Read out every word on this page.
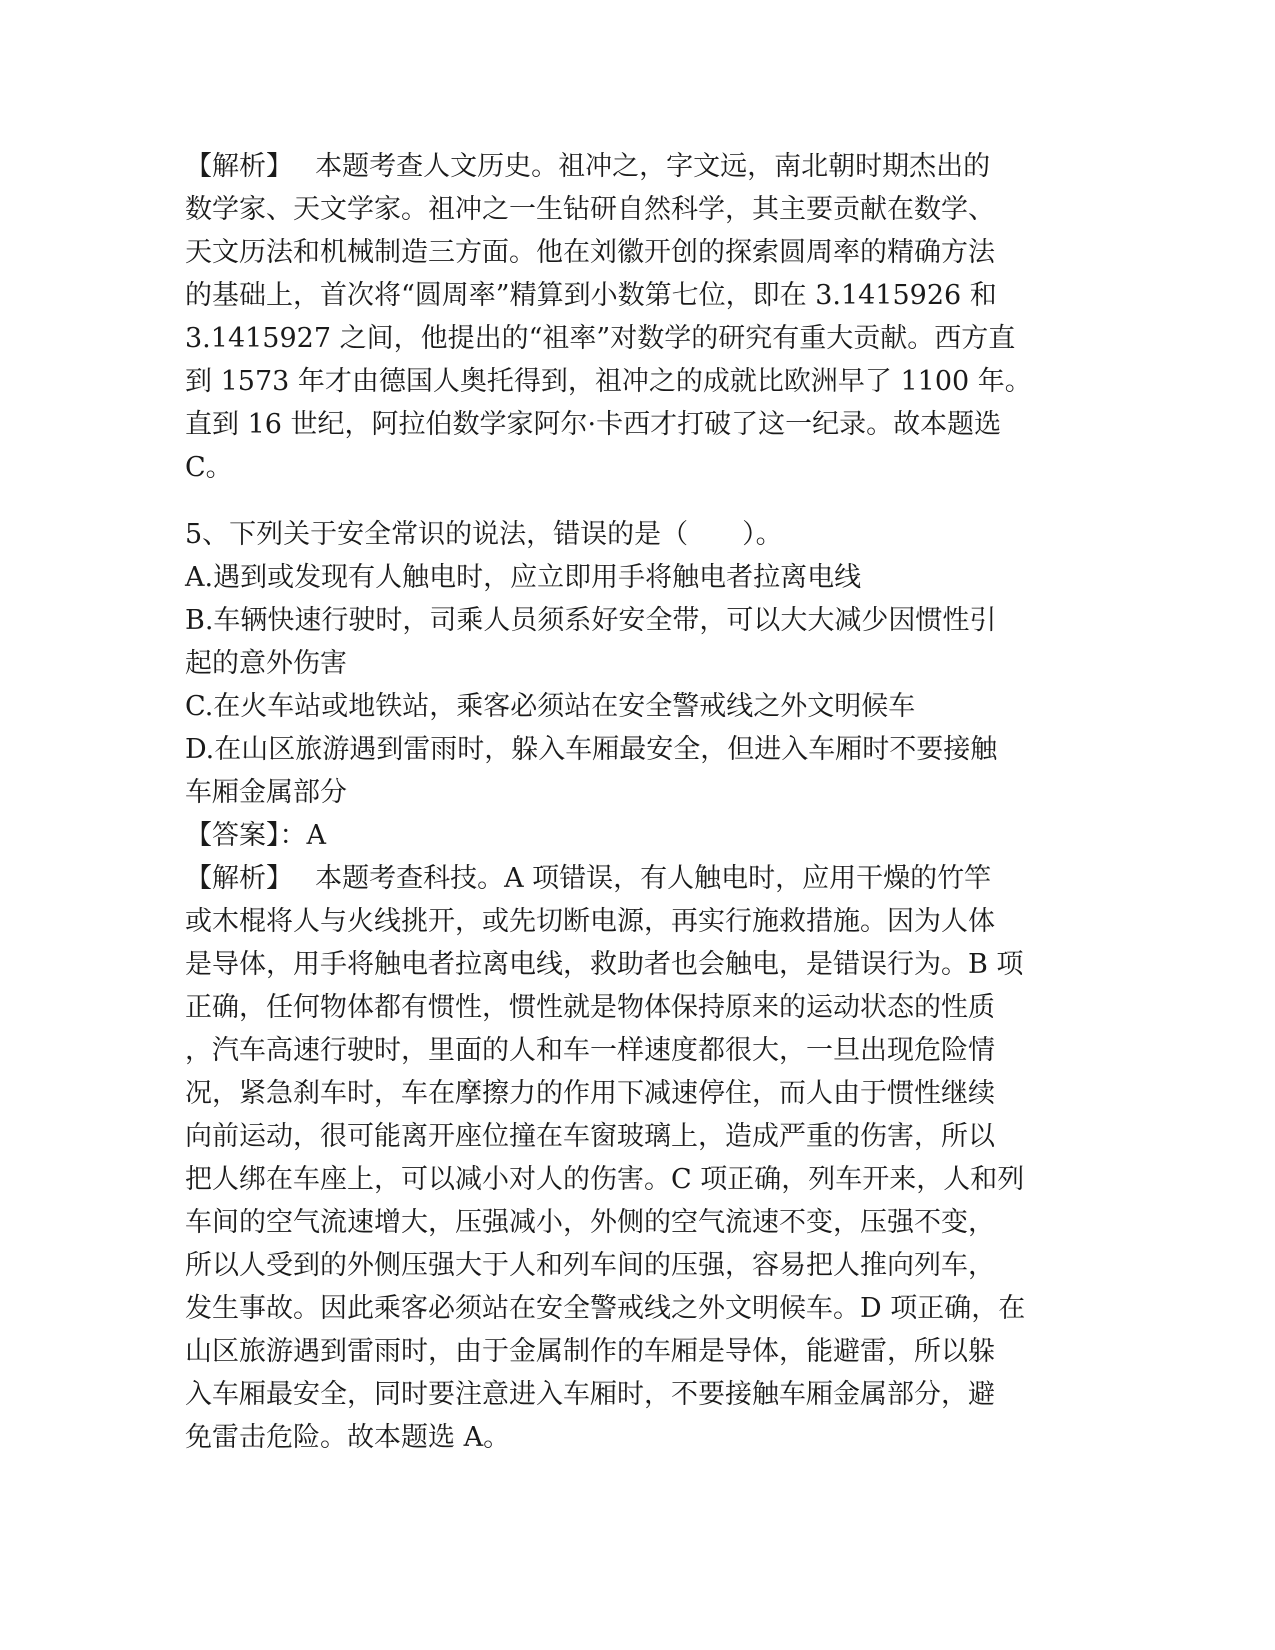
【解析】　 本题考查人文历史。祖冲之，字文远，南北朝时期杰出的
数学家、天文学家。祖冲之一生钻研自然科学，其主要贡献在数学、
天文历法和机械制造三方面。他在刘徽开创的探索圆周率的精确方法
的基础上，首次将“圆周率”精算到小数第七位，即在 3.1415926 和
3.1415927 之间，他提出的“祖率”对数学的研究有重大贡献。西方直
到 1573 年才由德国人奥托得到，祖冲之的成就比欧洲早了 1100 年。
直到 16 世纪，阿拉伯数学家阿尔·卡西才打破了这一纪录。故本题选
C。
5、下列关于安全常识的说法，错误的是（　　）。
A.遇到或发现有人触电时，应立即用手将触电者拉离电线
B.车辆快速行驶时，司乘人员须系好安全带，可以大大减少因惯性引
起的意外伤害
C.在火车站或地铁站，乘客必须站在安全警戒线之外文明候车
D.在山区旅游遇到雷雨时，躲入车厢最安全，但进入车厢时不要接触
车厢金属部分
【答案】：A
【解析】　 本题考查科技。A 项错误，有人触电时，应用干燥的竹竿
或木棍将人与火线挑开，或先切断电源，再实行施救措施。因为人体
是导体，用手将触电者拉离电线，救助者也会触电，是错误行为。B 项
正确，任何物体都有惯性，惯性就是物体保持原来的运动状态的性质
，汽车高速行驶时，里面的人和车一样速度都很大，一旦出现危险情
况，紧急刹车时，车在摩擦力的作用下减速停住，而人由于惯性继续
向前运动，很可能离开座位撞在车窗玻璃上，造成严重的伤害，所以
把人绑在车座上，可以减小对人的伤害。C 项正确，列车开来，人和列
车间的空气流速增大，压强减小，外侧的空气流速不变，压强不变，
所以人受到的外侧压强大于人和列车间的压强，容易把人推向列车，
发生事故。因此乘客必须站在安全警戒线之外文明候车。D 项正确，在
山区旅游遇到雷雨时，由于金属制作的车厢是导体，能避雷，所以躲
入车厢最安全，同时要注意进入车厢时，不要接触车厢金属部分，避
免雷击危险。故本题选 A。
